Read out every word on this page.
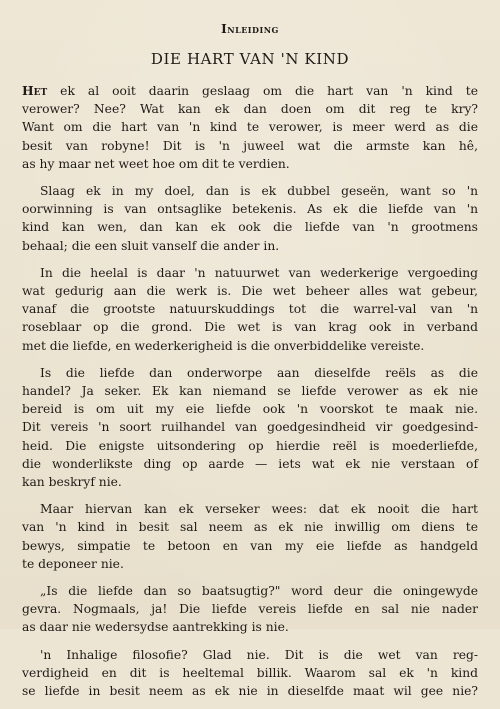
Inleiding
DIE HART VAN 'N KIND
Het ek al ooit daarin geslaag om die hart van 'n kind te
verower? Nee? Wat kan ek dan doen om dit reg te kry?
Want om die hart van 'n kind te verower, is meer werd as die
besit van robyne! Dit is 'n juweel wat die armste kan hê,
as hy maar net weet hoe om dit te verdien.
Slaag ek in my doel, dan is ek dubbel geseën, want so 'n
oorwinning is van ontsaglike betekenis. As ek die liefde van 'n
kind kan wen, dan kan ek ook die liefde van 'n grootmens
behaal; die een sluit vanself die ander in.
In die heelal is daar 'n natuurwet van wederkerige vergoeding
wat gedurig aan die werk is. Die wet beheer alles wat gebeur,
vanaf die grootste natuurskuddings tot die warrel-val van 'n
roseblaar op die grond. Die wet is van krag ook in verband
met die liefde, en wederkerigheid is die onverbiddelike vereiste.
Is die liefde dan onderworpe aan dieselfde reëls as die
handel? Ja seker. Ek kan niemand se liefde verower as ek nie
bereid is om uit my eie liefde ook 'n voorskot te maak nie.
Dit vereis 'n soort ruilhandel van goedgesindheid vir goedgesind-
heid. Die enigste uitsondering op hierdie reël is moederliefde,
die wonderlikste ding op aarde — iets wat ek nie verstaan of
kan beskryf nie.
Maar hiervan kan ek verseker wees: dat ek nooit die hart
van 'n kind in besit sal neem as ek nie inwillig om diens te
bewys, simpatie te betoon en van my eie liefde as handgeld
te deponeer nie.
„Is die liefde dan so baatsugtig?" word deur die oningewyde
gevra. Nogmaals, ja! Die liefde vereis liefde en sal nie nader
as daar nie wedersydse aantrekking is nie.
'n Inhalige filosofie? Glad nie. Dit is die wet van reg-
verdigheid en dit is heeltemal billik. Waarom sal ek 'n kind
se liefde in besit neem as ek nie in dieselfde maat wil gee nie?
